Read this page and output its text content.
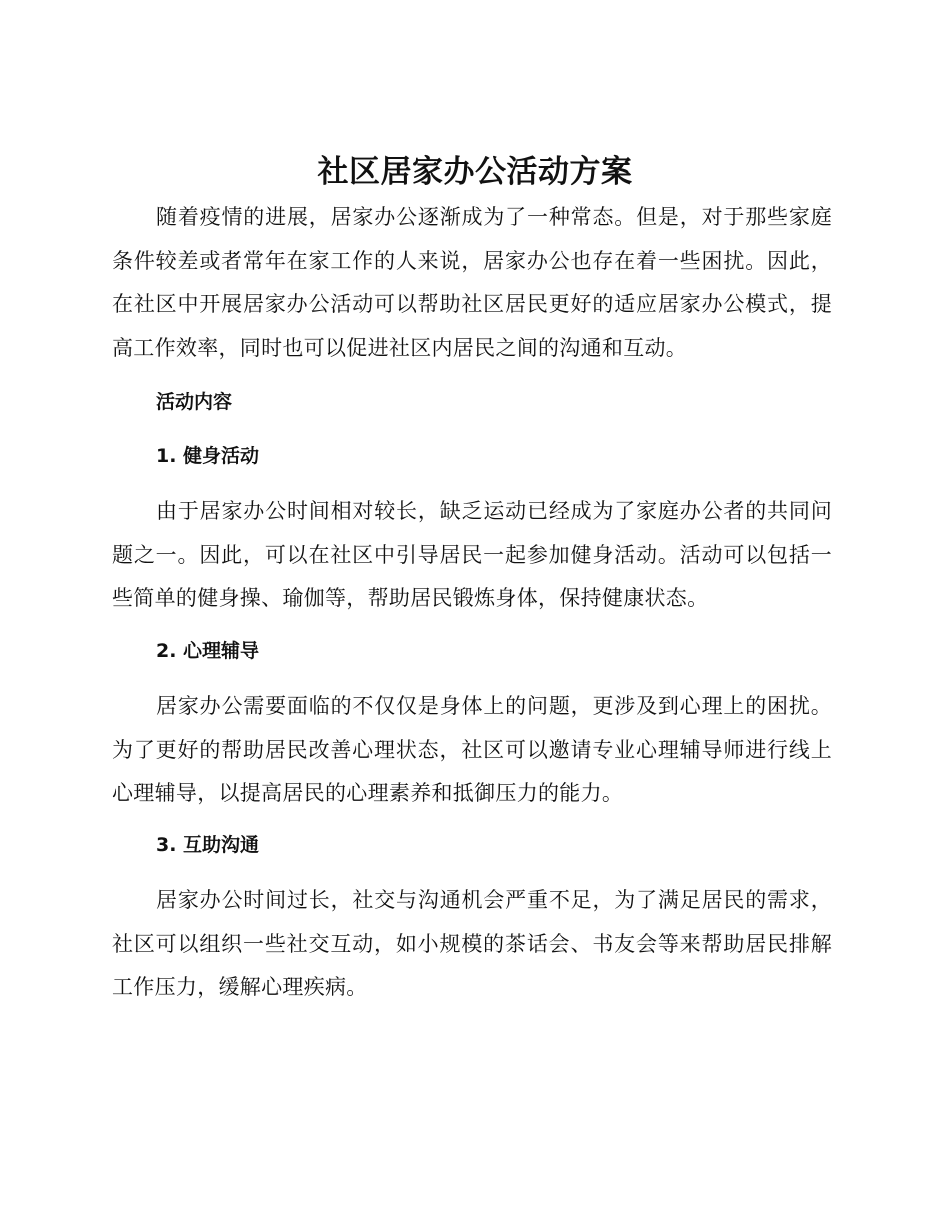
社区居家办公活动方案

随着疫情的进展，居家办公逐渐成为了一种常态。但是，对于那些家庭条件较差或者常年在家工作的人来说，居家办公也存在着一些困扰。因此，在社区中开展居家办公活动可以帮助社区居民更好的适应居家办公模式，提高工作效率，同时也可以促进社区内居民之间的沟通和互动。

活动内容
1. 健身活动

由于居家办公时间相对较长，缺乏运动已经成为了家庭办公者的共同问题之一。因此，可以在社区中引导居民一起参加健身活动。活动可以包括一些简单的健身操、瑜伽等，帮助居民锻炼身体，保持健康状态。

2. 心理辅导

居家办公需要面临的不仅仅是身体上的问题，更涉及到心理上的困扰。为了更好的帮助居民改善心理状态，社区可以邀请专业心理辅导师进行线上心理辅导，以提高居民的心理素养和抵御压力的能力。

3. 互助沟通

居家办公时间过长，社交与沟通机会严重不足，为了满足居民的需求，社区可以组织一些社交互动，如小规模的茶话会、书友会等来帮助居民排解工作压力，缓解心理疾病。
